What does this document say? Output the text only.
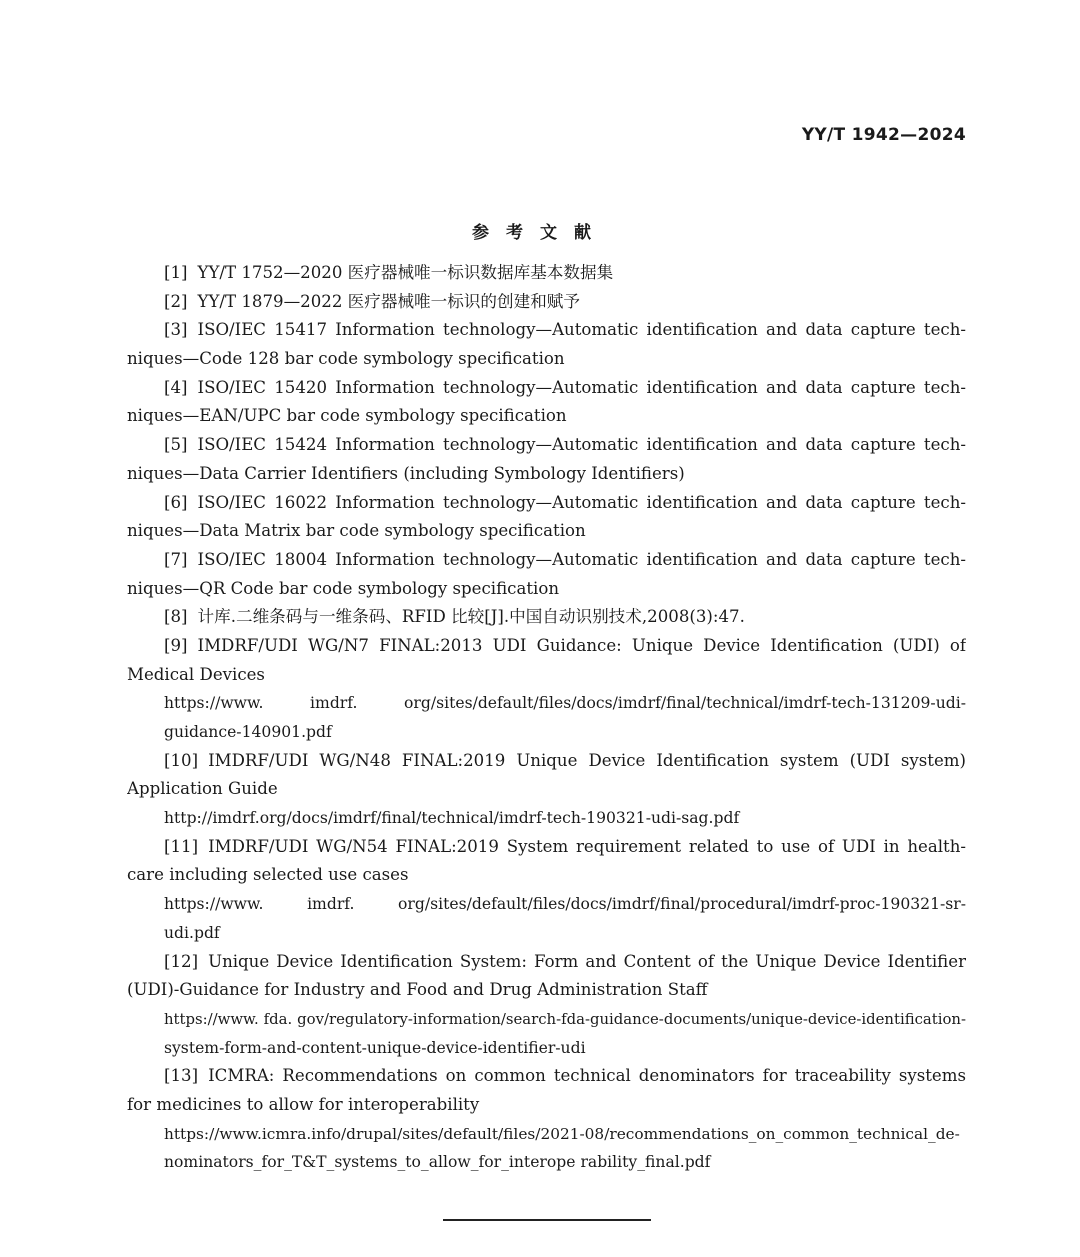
YY/T 1942—2024
参考文献
[1] YY/T 1752—2020 医疗器械唯一标识数据库基本数据集
[2] YY/T 1879—2022 医疗器械唯一标识的创建和赋予
[3] ISO/IEC 15417 Information technology—Automatic identification and data capture tech-
niques—Code 128 bar code symbology specification
[4] ISO/IEC 15420 Information technology—Automatic identification and data capture tech-
niques—EAN/UPC bar code symbology specification
[5] ISO/IEC 15424 Information technology—Automatic identification and data capture tech-
niques—Data Carrier Identifiers (including Symbology Identifiers)
[6] ISO/IEC 16022 Information technology—Automatic identification and data capture tech-
niques—Data Matrix bar code symbology specification
[7] ISO/IEC 18004 Information technology—Automatic identification and data capture tech-
niques—QR Code bar code symbology specification
[8] 计库.二维条码与一维条码、RFID 比较[J].中国自动识别技术,2008(3):47.
[9] IMDRF/UDI WG/N7 FINAL:2013 UDI Guidance: Unique Device Identification (UDI) of
Medical Devices
https://www. imdrf. org/sites/default/files/docs/imdrf/final/technical/imdrf-tech-131209-udi-
guidance-140901.pdf
[10] IMDRF/UDI WG/N48 FINAL:2019 Unique Device Identification system (UDI system)
Application Guide
http://imdrf.org/docs/imdrf/final/technical/imdrf-tech-190321-udi-sag.pdf
[11] IMDRF/UDI WG/N54 FINAL:2019 System requirement related to use of UDI in health-
care including selected use cases
https://www. imdrf. org/sites/default/files/docs/imdrf/final/procedural/imdrf-proc-190321-sr-
udi.pdf
[12] Unique Device Identification System: Form and Content of the Unique Device Identifier
(UDI)-Guidance for Industry and Food and Drug Administration Staff
https://www. fda. gov/regulatory-information/search-fda-guidance-documents/unique-device-identification-
system-form-and-content-unique-device-identifier-udi
[13] ICMRA: Recommendations on common technical denominators for traceability systems
for medicines to allow for interoperability
https://www.icmra.info/drupal/sites/default/files/2021-08/recommendations_on_common_technical_de-
nominators_for_T&T_systems_to_allow_for_interope rability_final.pdf
